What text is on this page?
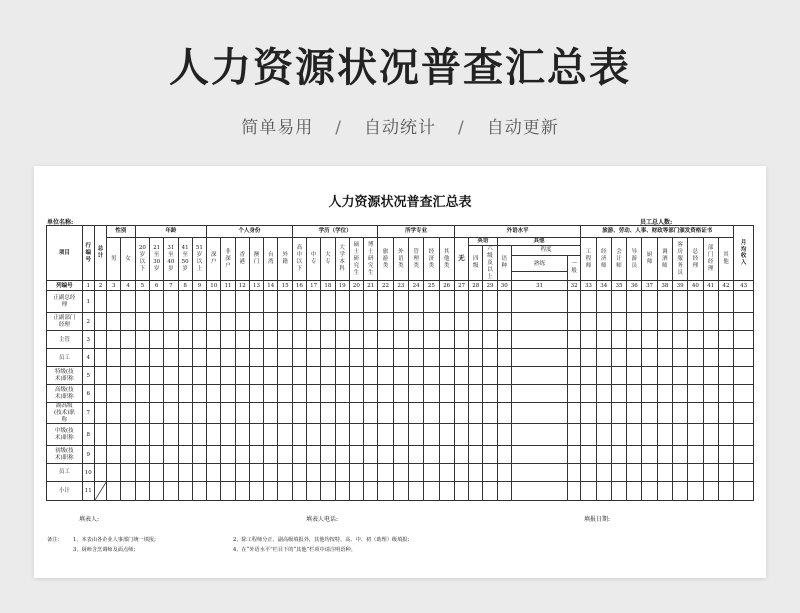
人力资源状况普查汇总表
简单易用 / 自动统计 / 自动更新
人力资源状况普查汇总表
单位名称:	员工总人数:
项目	行编号	总计	性别		年龄					个人身份						学历（学位）						所学专业					外语水平						旅游、劳动、人事、财政等部门颁发资格证书										月均收入

			男	女	20岁以下	21至30岁	31至40岁	41至50岁	51岁以上	深户	非深户	香港	澳门	台湾	外籍	高中以下	中专	大专	大学本科	硕士研究生	博士研究生	旅游类	外语类	管理类	经济类	其他类	无	英语		其他			工程师	经济师	会计师	导游员	厨师	调酒师	客房服务员	总经理	部门经理	其他	

																												四级	六级及以上	语种	程度												
																															熟练	一般											

列编号	1	2	3	4	5	6	7	8	9	10	11	12	13	14	15	16	17	18	19	20	21	22	23	24	25	26	27	28	29	30	31	32	33	34	35	36	37	38	39	40	41	42	43

正副总经理	1																																										

正副部门经理	2																																										

主管	3																																										

员工	4																																										

特级(技术)职称	5																																										

高级(技术)职称	6																																										

副高级(技术)职称	7																																										

中级(技术)职称	8																																										

初级(技术)职称	9																																										

员工	10																																										

小计	11	

填表人:	填表人电话:	填报日期:
备注:	1、本表由各企业人事部门统一填报;	2、除工程师分正、副高级填报外，其他均按特、高、中、初（助理）级填报;
3、厨师含烹调师及面点师;	4、在“外语水平”栏目下的“其他”栏项中请注明语种。
